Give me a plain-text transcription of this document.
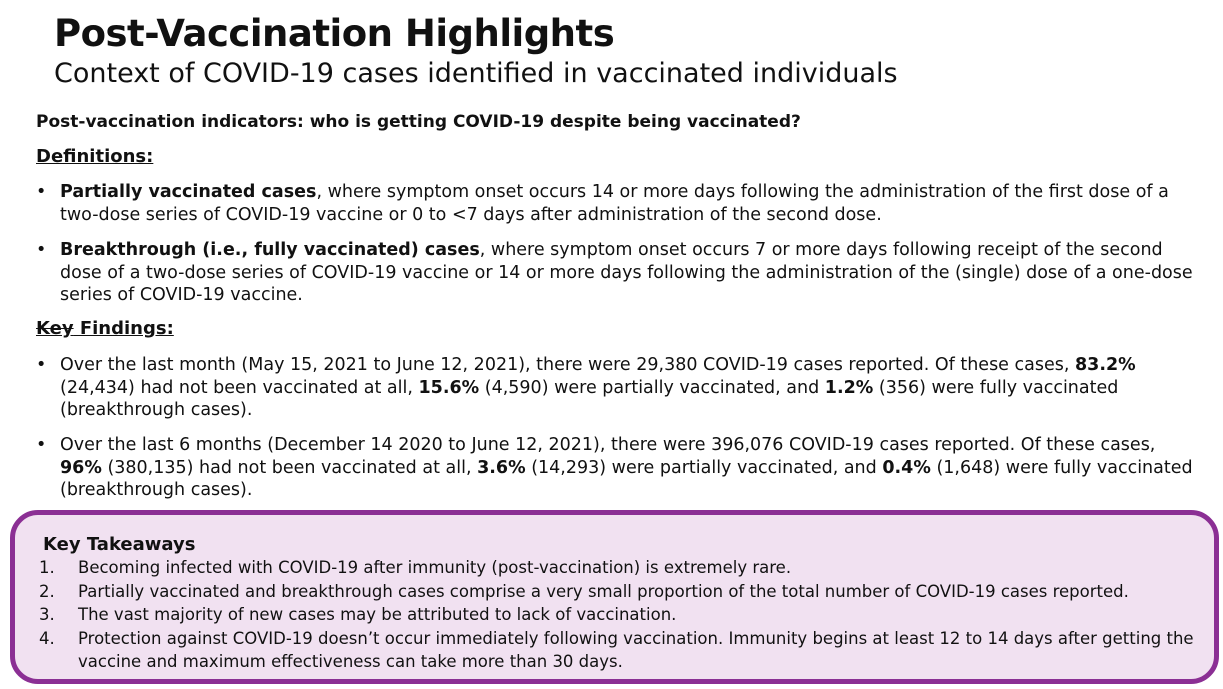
Post-Vaccination Highlights
Context of COVID-19 cases identified in vaccinated individuals
Post-vaccination indicators: who is getting COVID-19 despite being vaccinated?
Definitions:
• Partially vaccinated cases, where symptom onset occurs 14 or more days following the administration of the first dose of a two-dose series of COVID-19 vaccine or 0 to <7 days after administration of the second dose.
• Breakthrough (i.e., fully vaccinated) cases, where symptom onset occurs 7 or more days following receipt of the second dose of a two-dose series of COVID-19 vaccine or 14 or more days following the administration of the (single) dose of a one-dose series of COVID-19 vaccine.
Key Findings:
• Over the last month (May 15, 2021 to June 12, 2021), there were 29,380 COVID-19 cases reported. Of these cases, 83.2% (24,434) had not been vaccinated at all, 15.6% (4,590) were partially vaccinated, and 1.2% (356) were fully vaccinated (breakthrough cases).
• Over the last 6 months (December 14 2020 to June 12, 2021), there were 396,076 COVID-19 cases reported. Of these cases, 96% (380,135) had not been vaccinated at all, 3.6% (14,293) were partially vaccinated, and 0.4% (1,648) were fully vaccinated (breakthrough cases).
Key Takeaways
1. Becoming infected with COVID-19 after immunity (post-vaccination) is extremely rare.
2. Partially vaccinated and breakthrough cases comprise a very small proportion of the total number of COVID-19 cases reported.
3. The vast majority of new cases may be attributed to lack of vaccination.
4. Protection against COVID-19 doesn’t occur immediately following vaccination. Immunity begins at least 12 to 14 days after getting the vaccine and maximum effectiveness can take more than 30 days.
